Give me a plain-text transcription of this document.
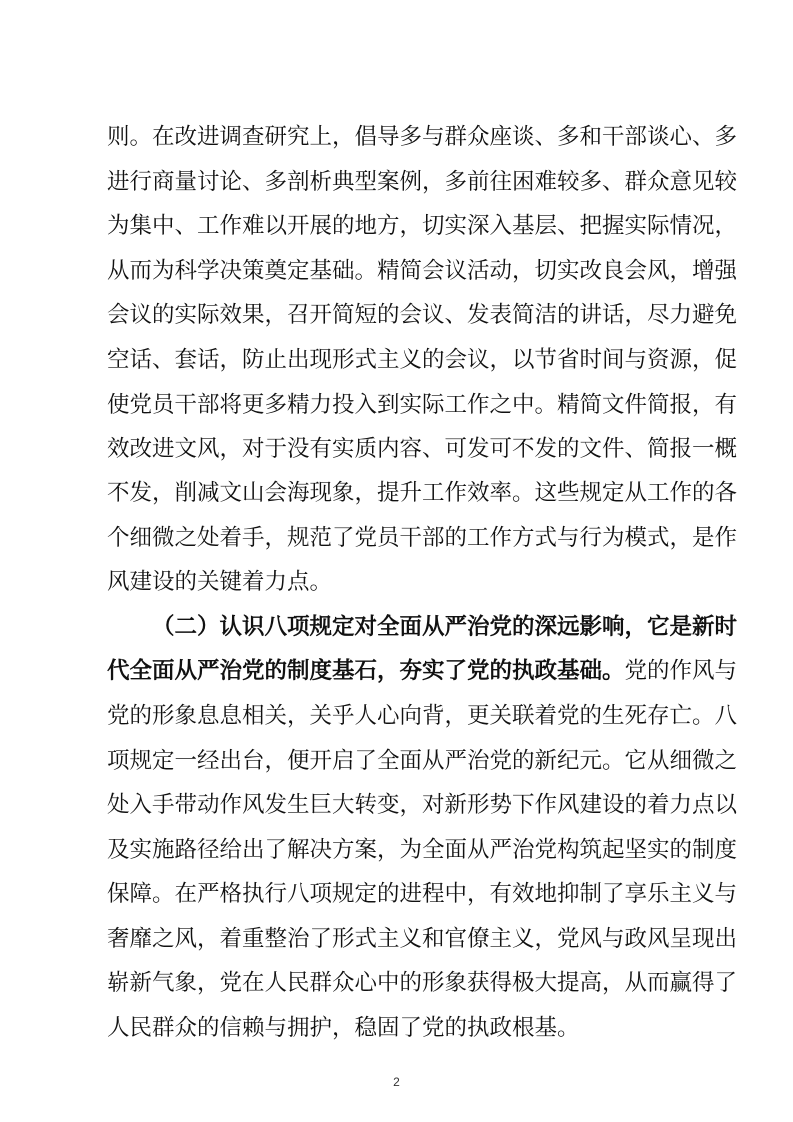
则。在改进调查研究上，倡导多与群众座谈、多和干部谈心、多
进行商量讨论、多剖析典型案例，多前往困难较多、群众意见较
为集中、工作难以开展的地方，切实深入基层、把握实际情况，
从而为科学决策奠定基础。精简会议活动，切实改良会风，增强
会议的实际效果，召开简短的会议、发表简洁的讲话，尽力避免
空话、套话，防止出现形式主义的会议，以节省时间与资源，促
使党员干部将更多精力投入到实际工作之中。精简文件简报，有
效改进文风，对于没有实质内容、可发可不发的文件、简报一概
不发，削减文山会海现象，提升工作效率。这些规定从工作的各
个细微之处着手，规范了党员干部的工作方式与行为模式，是作
风建设的关键着力点。
（二）认识八项规定对全面从严治党的深远影响，它是新时
代全面从严治党的制度基石，夯实了党的执政基础。党的作风与
党的形象息息相关，关乎人心向背，更关联着党的生死存亡。八
项规定一经出台，便开启了全面从严治党的新纪元。它从细微之
处入手带动作风发生巨大转变，对新形势下作风建设的着力点以
及实施路径给出了解决方案，为全面从严治党构筑起坚实的制度
保障。在严格执行八项规定的进程中，有效地抑制了享乐主义与
奢靡之风，着重整治了形式主义和官僚主义，党风与政风呈现出
崭新气象，党在人民群众心中的形象获得极大提高，从而赢得了
人民群众的信赖与拥护，稳固了党的执政根基。
2
